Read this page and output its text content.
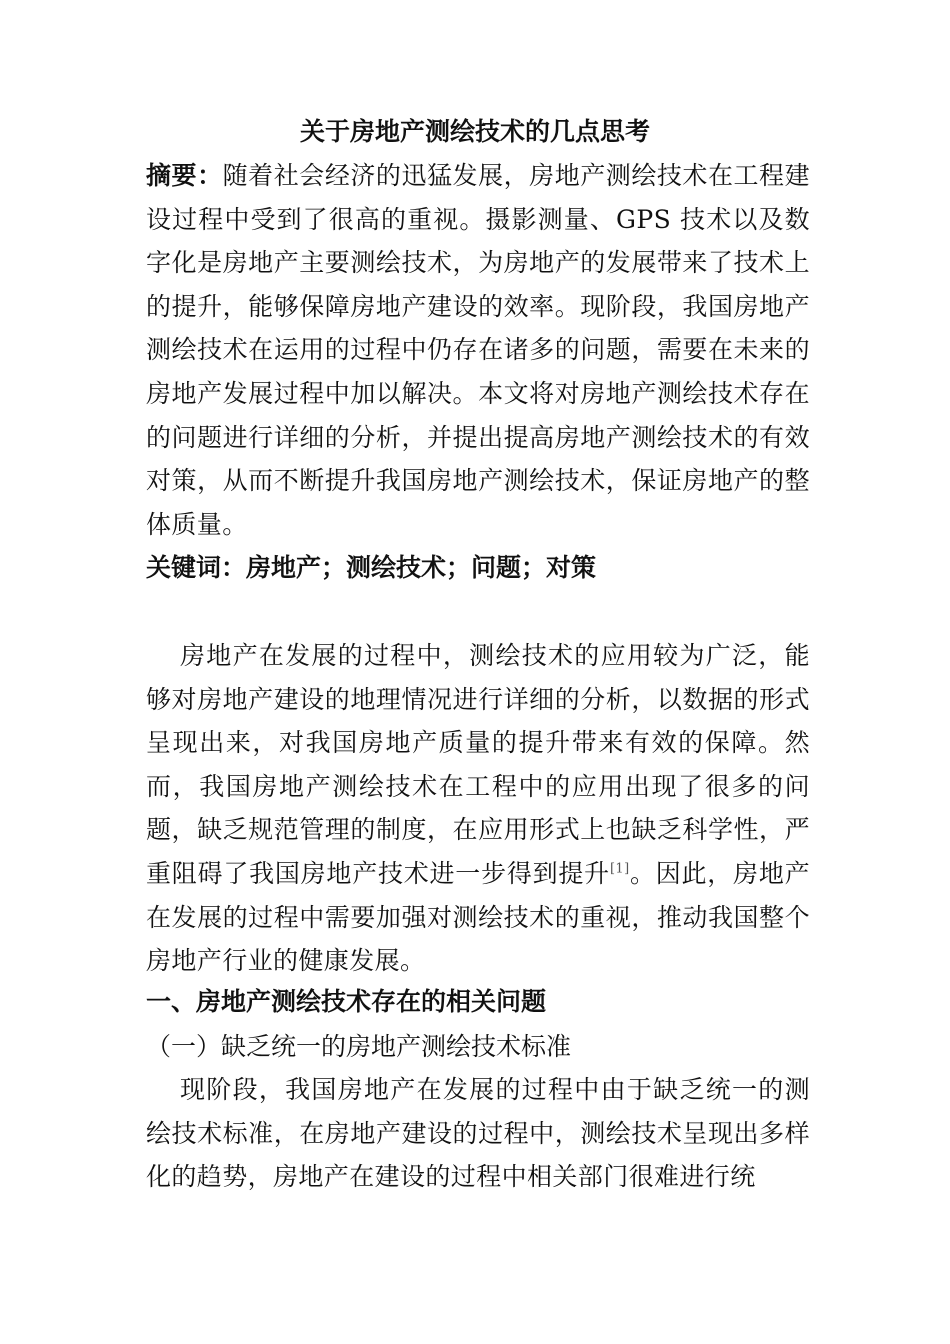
关于房地产测绘技术的几点思考
摘要：随着社会经济的迅猛发展，房地产测绘技术在工程建设过程中受到了很高的重视。摄影测量、GPS 技术以及数字化是房地产主要测绘技术，为房地产的发展带来了技术上的提升，能够保障房地产建设的效率。现阶段，我国房地产测绘技术在运用的过程中仍存在诸多的问题，需要在未来的房地产发展过程中加以解决。本文将对房地产测绘技术存在的问题进行详细的分析，并提出提高房地产测绘技术的有效对策，从而不断提升我国房地产测绘技术，保证房地产的整体质量。
关键词：房地产；测绘技术；问题；对策
房地产在发展的过程中，测绘技术的应用较为广泛，能够对房地产建设的地理情况进行详细的分析，以数据的形式呈现出来，对我国房地产质量的提升带来有效的保障。然而，我国房地产测绘技术在工程中的应用出现了很多的问题，缺乏规范管理的制度，在应用形式上也缺乏科学性，严重阻碍了我国房地产技术进一步得到提升[1]。因此，房地产在发展的过程中需要加强对测绘技术的重视，推动我国整个房地产行业的健康发展。
一、房地产测绘技术存在的相关问题
（一）缺乏统一的房地产测绘技术标准
现阶段，我国房地产在发展的过程中由于缺乏统一的测绘技术标准，在房地产建设的过程中，测绘技术呈现出多样化的趋势，房地产在建设的过程中相关部门很难进行统
